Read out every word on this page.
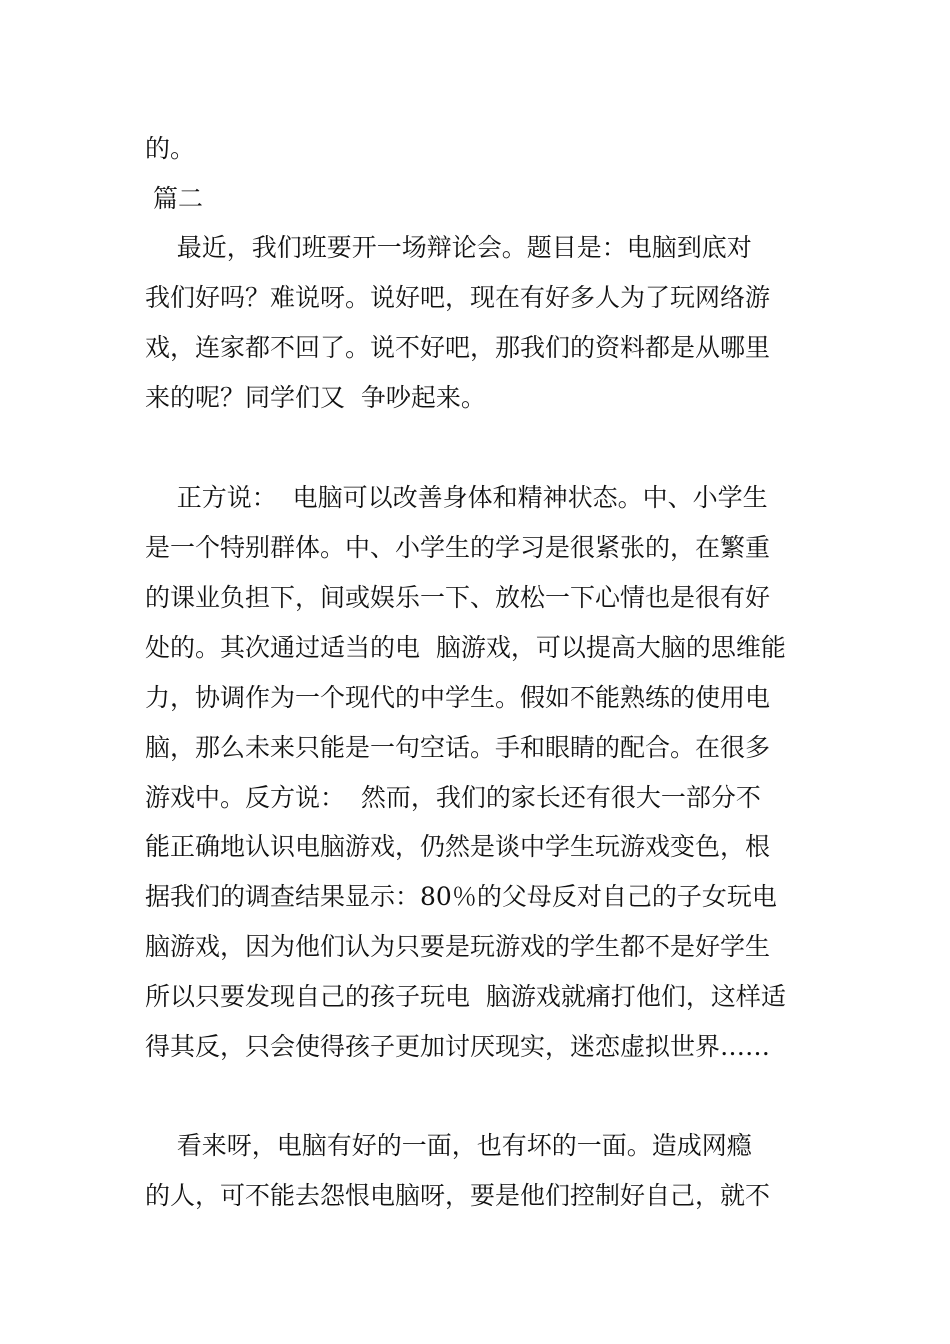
的。
篇二
最近，我们班要开一场辩论会。题目是：电脑到底对
我们好吗？难说呀。说好吧，现在有好多人为了玩网络游
戏，连家都不回了。说不好吧，那我们的资料都是从哪里
来的呢？同学们又  争吵起来。
正方说：  电脑可以改善身体和精神状态。中、小学生
是一个特别群体。中、小学生的学习是很紧张的，在繁重
的课业负担下，间或娱乐一下、放松一下心情也是很有好
处的。其次通过适当的电  脑游戏，可以提高大脑的思维能
力，协调作为一个现代的中学生。假如不能熟练的使用电
脑，那么未来只能是一句空话。手和眼睛的配合。在很多
游戏中。反方说：  然而，我们的家长还有很大一部分不
能正确地认识电脑游戏，仍然是谈中学生玩游戏变色，根
据我们的调查结果显示：80％的父母反对自己的子女玩电
脑游戏，因为他们认为只要是玩游戏的学生都不是好学生
所以只要发现自己的孩子玩电  脑游戏就痛打他们，这样适
得其反，只会使得孩子更加讨厌现实，迷恋虚拟世界……
看来呀，电脑有好的一面，也有坏的一面。造成网瘾
的人，可不能去怨恨电脑呀，要是他们控制好自己，就不
